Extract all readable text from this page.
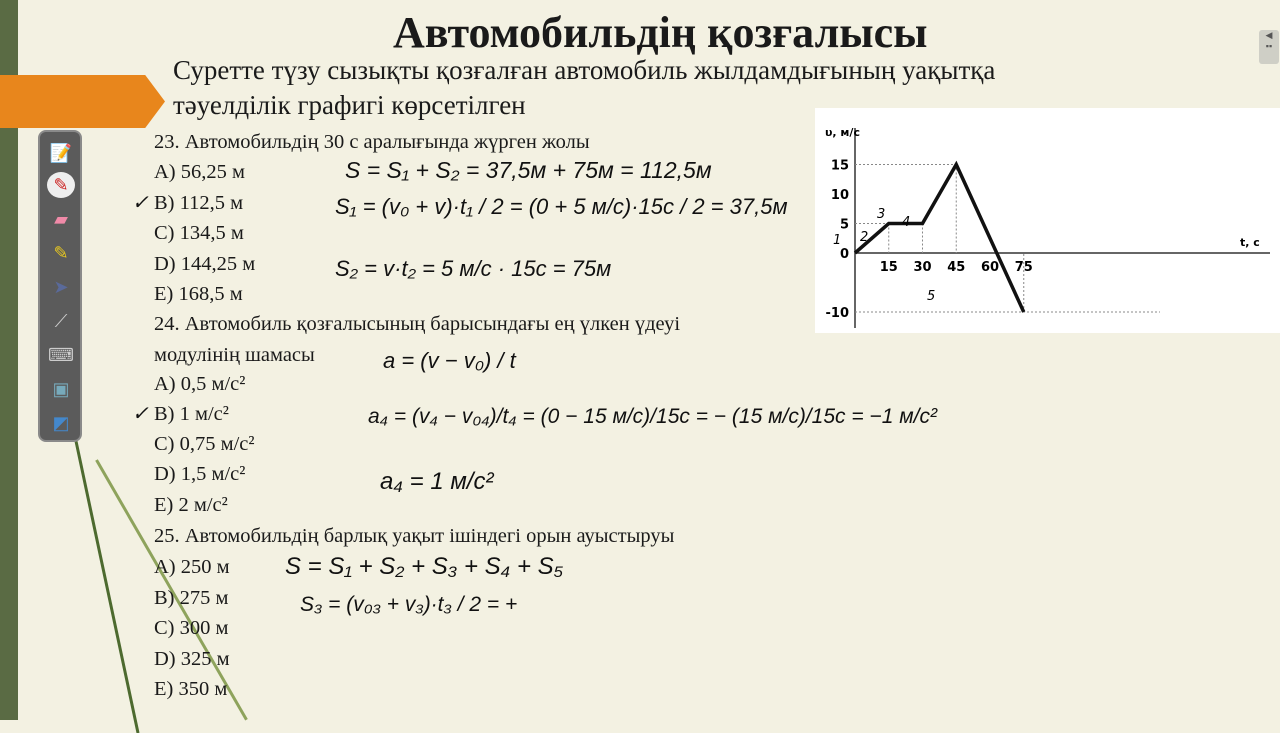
📝
✎
▰
✎
➤
⟋
⌨
▣
◩
◀
▪▪
Автомобильдің қозғалысы
Суретте түзу сызықты қозғалған автомобиль жылдамдығының уақытқа
тәуелділік графигі көрсетілген
23. Автомобильдің 30 с аралығында жүрген жолы
A) 56,25 м
B) 112,5 м
C) 134,5 м
D) 144,25 м
E) 168,5 м
24. Автомобиль қозғалысының барысындағы ең үлкен үдеуі
модулінің шамасы
A) 0,5 м/с²
B) 1 м/с²
C) 0,75 м/с²
D) 1,5 м/с²
E) 2 м/с²
25. Автомобильдің барлық уақыт ішіндегі орын ауыстыруы
A) 250 м
B) 275 м
C) 300 м
D) 325 м
E) 350 м
S = S₁ + S₂ = 37,5м + 75м = 112,5м
S₁ = (v₀ + v)·t₁ / 2 = (0 + 5 м/с)·15с / 2 = 37,5м
S₂ = v·t₂ = 5 м/с · 15с = 75м
a = (v − v₀) / t
a₄ = (v₄ − v₀₄)/t₄ = (0 − 15 м/с)/15с = − (15 м/с)/15с = −1 м/с²
a₄ = 1 м/с²
S = S₁ + S₂ + S₃ + S₄ + S₅
S₃ = (v₀₃ + v₃)·t₃ / 2 = +
✓
✓
υ, м/с
t, c
15
10
5
0
-10
15 30 45 60 75
1 2
3
4
5
